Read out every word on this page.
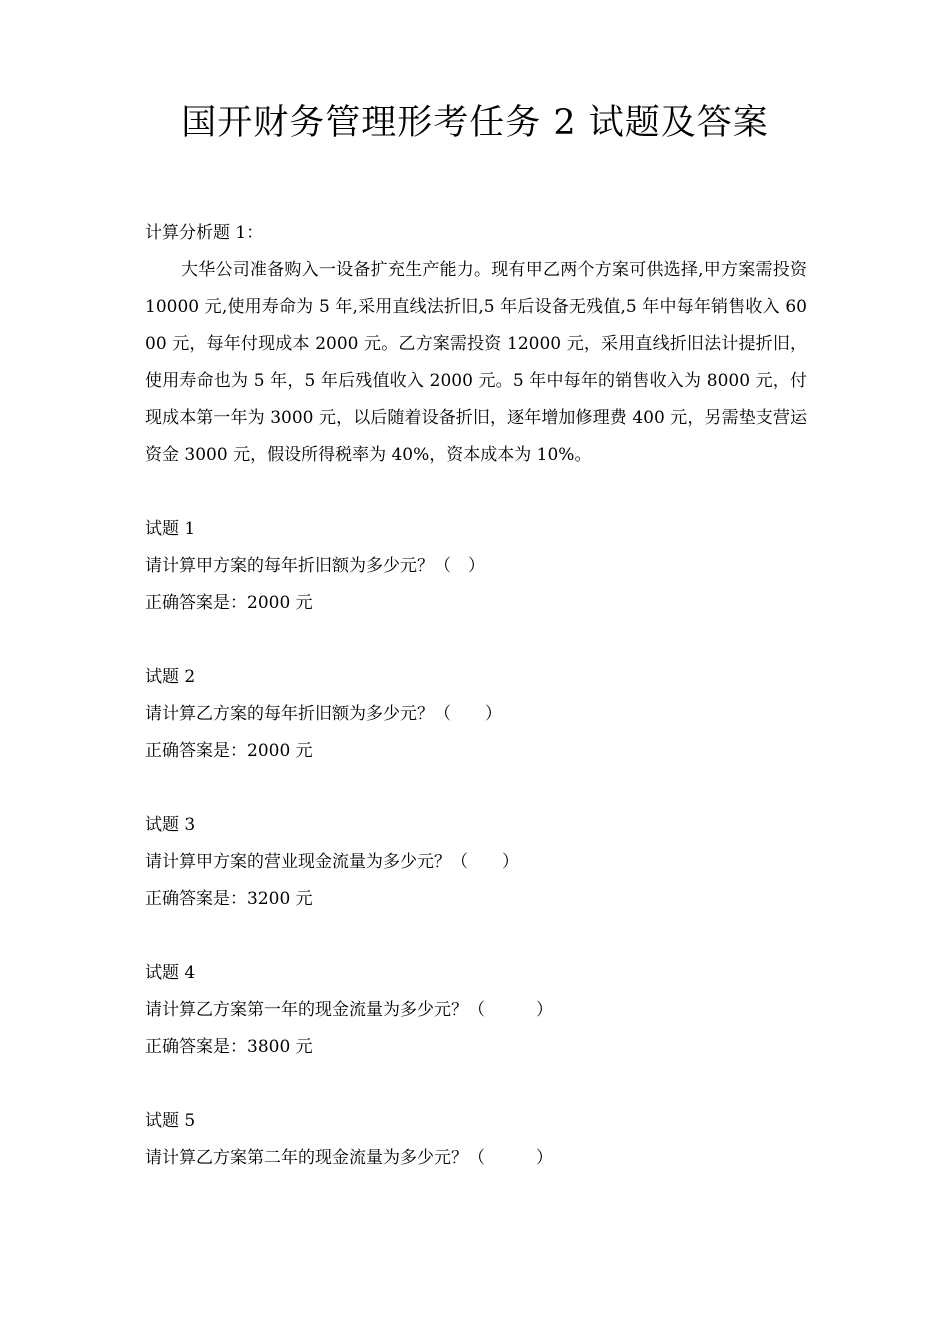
国开财务管理形考任务 2 试题及答案
计算分析题 1：

大华公司准备购入一设备扩充生产能力。现有甲乙两个方案可供选择,甲方案需投资 10000 元,使用寿命为 5 年,采用直线法折旧,5 年后设备无残值,5 年中每年销售收入 6000 元，每年付现成本 2000 元。乙方案需投资 12000 元，采用直线折旧法计提折旧，使用寿命也为 5 年，5 年后残值收入 2000 元。5 年中每年的销售收入为 8000 元，付现成本第一年为 3000 元，以后随着设备折旧，逐年增加修理费 400 元，另需垫支营运资金 3000 元，假设所得税率为 40%，资本成本为 10%。

试题 1
请计算甲方案的每年折旧额为多少元？（　）
正确答案是：2000 元
试题 2
请计算乙方案的每年折旧额为多少元？（　　）
正确答案是：2000 元
试题 3
请计算甲方案的营业现金流量为多少元？（　　）
正确答案是：3200 元
试题 4
请计算乙方案第一年的现金流量为多少元？（　　　）
正确答案是：3800 元
试题 5
请计算乙方案第二年的现金流量为多少元？（　　　）
